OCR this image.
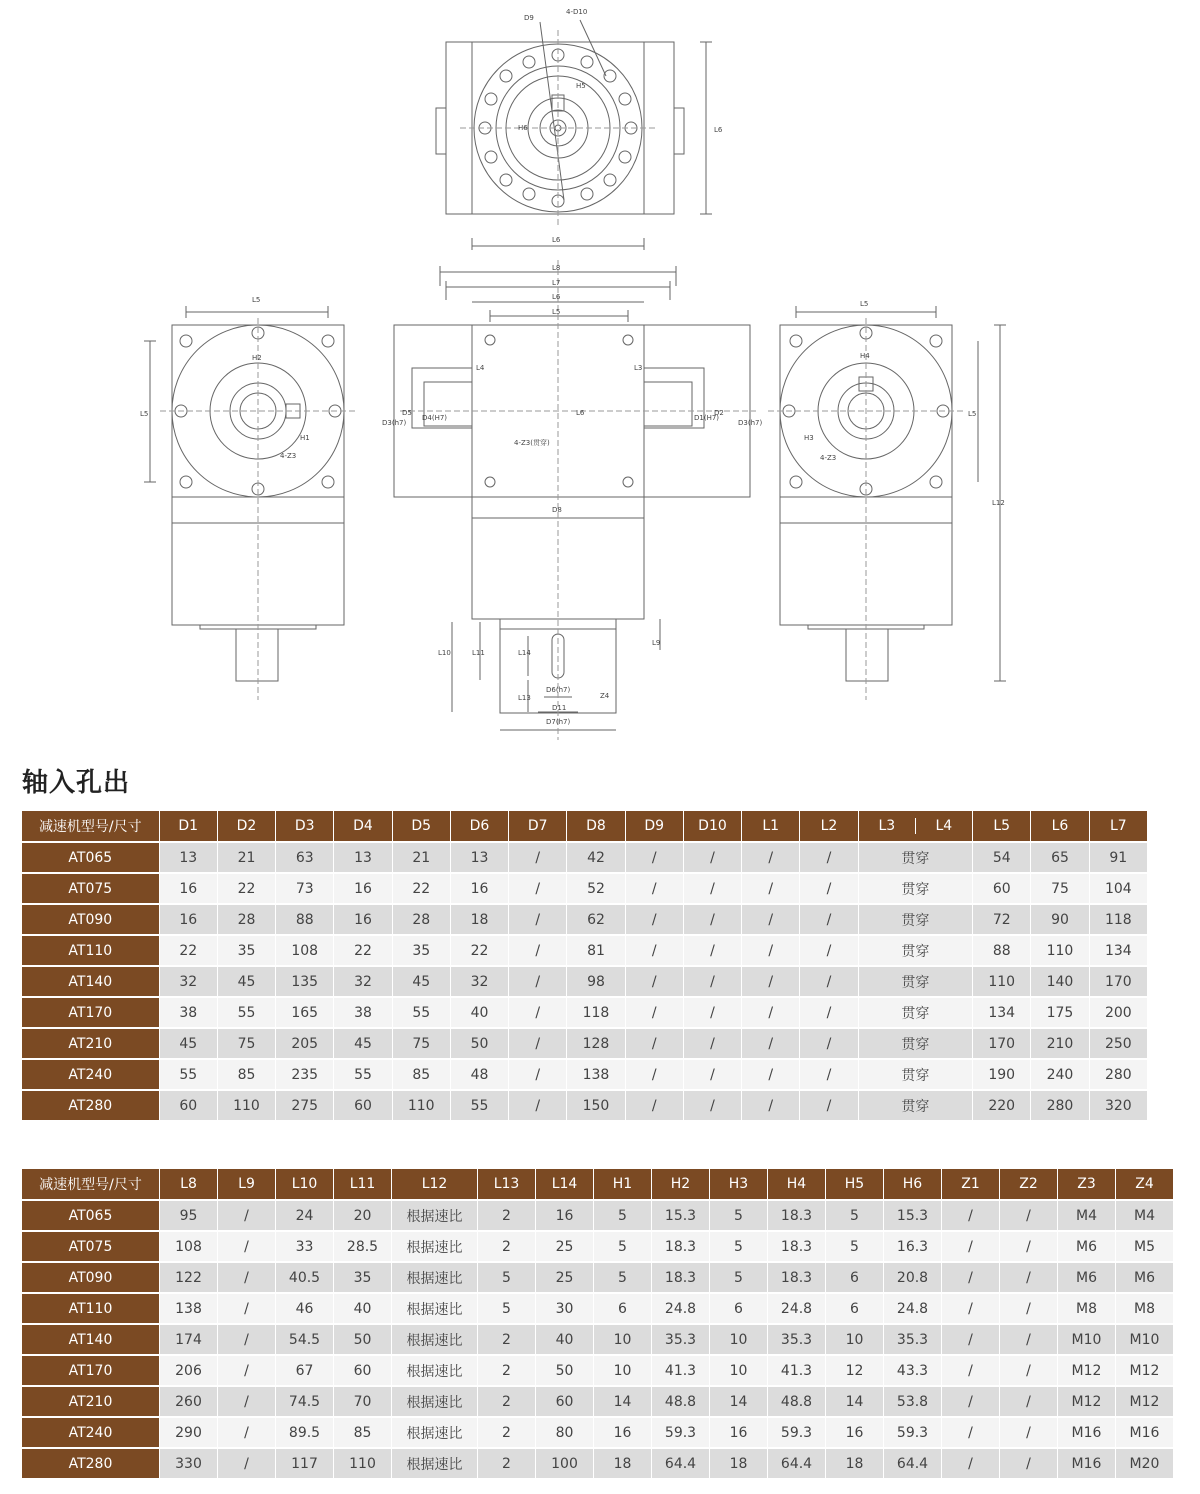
D9
4-D10
H5
H6	L6
L6
L8
L7
L6
L5
L4	L3
D3(h7)
D5
D4(H7)
L6
D1(H7)
D2
D3(h7)
4-Z3(贯穿)
D8
L5
L5
H2
H1
4-Z3
L5
H4
H3
4-Z3
L5
L12
L10	L11	L14
L13
L9
D6(h7)
D11
D7(h7)
Z4
轴入孔出
减速机型号/尺寸	D1	D2	D3	D4	D5	D6	D7	D8	D9	D10	L1	L2	L3 L4	L5	L6	L7
AT065	13	21	63	13	21	13	/	42	/	/	/	/	贯穿	54	65	91
AT075	16	22	73	16	22	16	/	52	/	/	/	/	贯穿	60	75	104
AT090	16	28	88	16	28	18	/	62	/	/	/	/	贯穿	72	90	118
AT110	22	35	108	22	35	22	/	81	/	/	/	/	贯穿	88	110	134
AT140	32	45	135	32	45	32	/	98	/	/	/	/	贯穿	110	140	170
AT170	38	55	165	38	55	40	/	118	/	/	/	/	贯穿	134	175	200
AT210	45	75	205	45	75	50	/	128	/	/	/	/	贯穿	170	210	250
AT240	55	85	235	55	85	48	/	138	/	/	/	/	贯穿	190	240	280
AT280	60	110	275	60	110	55	/	150	/	/	/	/	贯穿	220	280	320
减速机型号/尺寸	L8	L9	L10	L11	L12	L13	L14	H1	H2	H3	H4	H5	H6	Z1	Z2	Z3	Z4
AT065	95	/	24	20	根据速比	2	16	5	15.3	5	18.3	5	15.3	/	/	M4	M4
AT075	108	/	33	28.5	根据速比	2	25	5	18.3	5	18.3	5	16.3	/	/	M6	M5
AT090	122	/	40.5	35	根据速比	5	25	5	18.3	5	18.3	6	20.8	/	/	M6	M6
AT110	138	/	46	40	根据速比	5	30	6	24.8	6	24.8	6	24.8	/	/	M8	M8
AT140	174	/	54.5	50	根据速比	2	40	10	35.3	10	35.3	10	35.3	/	/	M10	M10
AT170	206	/	67	60	根据速比	2	50	10	41.3	10	41.3	12	43.3	/	/	M12	M12
AT210	260	/	74.5	70	根据速比	2	60	14	48.8	14	48.8	14	53.8	/	/	M12	M12
AT240	290	/	89.5	85	根据速比	2	80	16	59.3	16	59.3	16	59.3	/	/	M16	M16
AT280	330	/	117	110	根据速比	2	100	18	64.4	18	64.4	18	64.4	/	/	M16	M20
